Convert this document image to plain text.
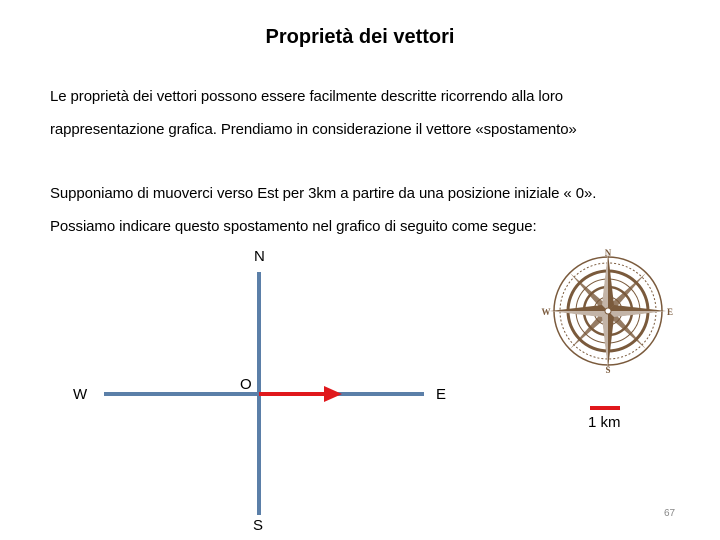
Proprietà dei vettori
Le proprietà dei vettori possono essere facilmente descritte ricorrendo alla loro
rappresentazione grafica. Prendiamo in considerazione il vettore «spostamento»
Supponiamo di muoverci verso Est per 3km a partire da una posizione iniziale « 0».
Possiamo indicare questo spostamento nel grafico di seguito come segue:
N
W
O
E
S
1 km
N
S
W	E
67
